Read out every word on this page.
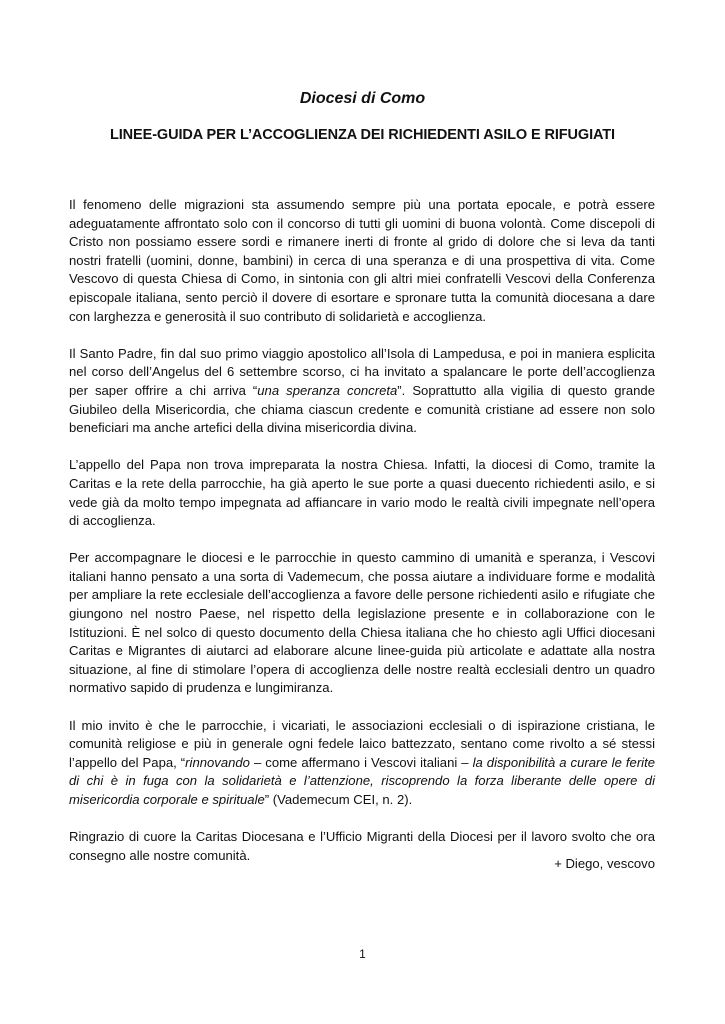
Diocesi di Como
LINEE-GUIDA PER L’ACCOGLIENZA DEI RICHIEDENTI ASILO E RIFUGIATI

Il fenomeno delle migrazioni sta assumendo sempre più una portata epocale, e potrà essere adeguatamente affrontato solo con il concorso di tutti gli uomini di buona volontà. Come discepoli di Cristo non possiamo essere sordi e rimanere inerti di fronte al grido di dolore che si leva da tanti nostri fratelli (uomini, donne, bambini) in cerca di una speranza e di una prospettiva di vita. Come Vescovo di questa Chiesa di Como, in sintonia con gli altri miei confratelli Vescovi della Conferenza episcopale italiana, sento perciò il dovere di esortare e spronare tutta la comunità diocesana a dare con larghezza e generosità il suo contributo di solidarietà e accoglienza.

Il Santo Padre, fin dal suo primo viaggio apostolico all’Isola di Lampedusa, e poi in maniera esplicita nel corso dell’Angelus del 6 settembre scorso, ci ha invitato a spalancare le porte dell’accoglienza per saper offrire a chi arriva “una speranza concreta”. Soprattutto alla vigilia di questo grande Giubileo della Misericordia, che chiama ciascun credente e comunità cristiane ad essere non solo beneficiari ma anche artefici della divina misericordia divina.

L’appello del Papa non trova impreparata la nostra Chiesa. Infatti, la diocesi di Como, tramite la Caritas e la rete della parrocchie, ha già aperto le sue porte a quasi duecento richiedenti asilo, e si vede già da molto tempo impegnata ad affiancare in vario modo le realtà civili impegnate nell’opera di accoglienza.

Per accompagnare le diocesi e le parrocchie in questo cammino di umanità e speranza, i Vescovi italiani hanno pensato a una sorta di Vademecum, che possa aiutare a individuare forme e modalità per ampliare la rete ecclesiale dell’accoglienza a favore delle persone richiedenti asilo e rifugiate che giungono nel nostro Paese, nel rispetto della legislazione presente e in collaborazione con le Istituzioni. È nel solco di questo documento della Chiesa italiana che ho chiesto agli Uffici diocesani Caritas e Migrantes di aiutarci ad elaborare alcune linee-guida più articolate e adattate alla nostra situazione, al fine di stimolare l’opera di accoglienza delle nostre realtà ecclesiali dentro un quadro normativo sapido di prudenza e lungimiranza.

Il mio invito è che le parrocchie, i vicariati, le associazioni ecclesiali o di ispirazione cristiana, le comunità religiose e più in generale ogni fedele laico battezzato, sentano come rivolto a sé stessi l’appello del Papa, “rinnovando – come affermano i Vescovi italiani – la disponibilità a curare le ferite di chi è in fuga con la solidarietà e l’attenzione, riscoprendo la forza liberante delle opere di misericordia corporale e spirituale” (Vademecum CEI, n. 2).

Ringrazio di cuore la Caritas Diocesana e l’Ufficio Migranti della Diocesi per il lavoro svolto che ora consegno alle nostre comunità.

+ Diego, vescovo
1
